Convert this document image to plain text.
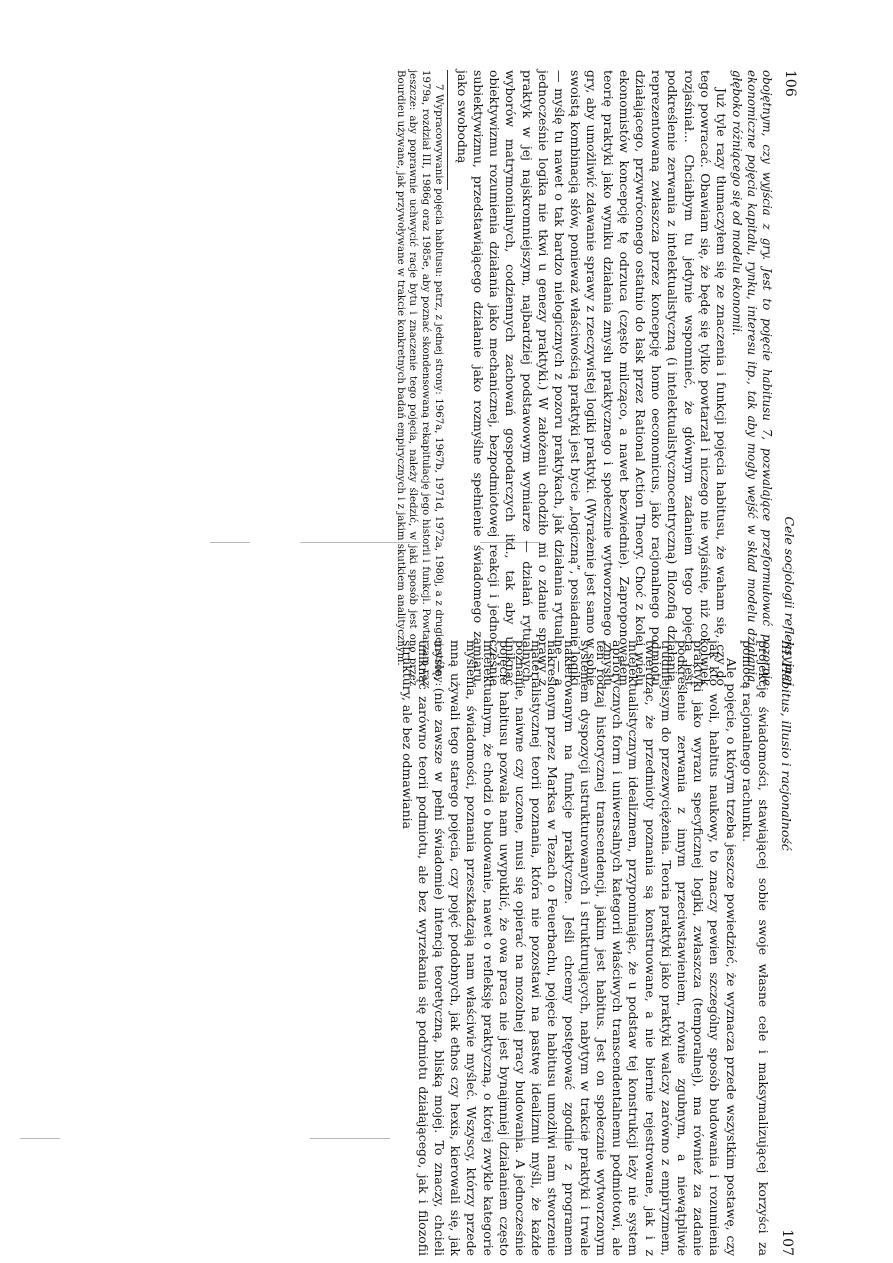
106
Cele socjologii refleksyjnej

obojętnym, czy wyjścia z gry. Jest to pojęcie habitusu 7, pozwalające przeformułować pozornie ekonomiczne pojęcia kapitału, rynku, interesu itp., tak aby mogły wejść w skład modelu działania, głęboko różniącego się od modelu ekonomii.

Już tyle razy tłumaczyłem się ze znaczenia i funkcji pojęcia habitusu, że waham się, czy do tego powracać. Obawiam się, że będę się tylko powtarzał i niczego nie wyjaśnię, niż cokolwiek rozjaśniał... Chciałbym tu jedynie wspomnieć, że głównym zadaniem tego pojęcia jest podkreślenie zerwania z intelektualistyczną (i intelektualistycznocentryczną) filozofią działania, reprezentowaną zwłaszcza przez koncepcję homo oeconomicus, jako racjonalnego podmiotu działającego, przywróconego ostatnio do łask przez Rational Action Theory. Choć z kolei wielu ekonomistów koncepcję tę odrzuca (często milcząco, a nawet bezwiednie). Zaproponowałem teorię praktyki jako wyniku działania zmysłu praktycznego i społecznie wytworzonego zmysłu gry, aby umożliwić zdawanie sprawy z rzeczywistej logiki praktyki. (Wyrażenie jest samo w sobie swoistą kombinacją słów, ponieważ właściwością praktyki jest bycie „logiczną”, posiadanie logiki — myślę tu nawet o tak bardzo nielogicznych z pozoru praktykach, jak działania rytualne — a jednocześnie logika nie tkwi u genezy praktyki.) W założeniu chodziło mi o zdanie sprawy z praktyk w jej najskromniejszym, najbardziej podstawowym wymiarze — działań rytualnych, wyborów matrymonialnych, codziennych zachowań gospodarczych itd., tak aby uniknąć obiektywizmu rozumienia działania jako mechanicznej, bezpodmiotowej reakcji i jednocześnie subiektywizmu, przedstawiającego działanie jako rozmyślne spełnienie świadomego zamiaru, jako swobodną

7 Wypracowywanie pojęcia habitusu: patrz, z jednej strony: 1967a, 1967b, 1971d, 1972a, 1980j, a z drugiej strony: 1979a, rozdział III, 1986g oraz 1985e, aby poznać skondensowaną rekapitulację jego historii i funkcji. Powtarzam raz jeszcze: aby poprawnie uchwycić racje bytu i znaczenie tego pojęcia, należy śledzić, w jaki sposób jest ono przez Bourdieu używane, jak przywoływane w trakcie konkretnych badań empirycznych i z jakim skutkiem analitycznym.

III. Habitus, illusio i racjonalność
107

projekcję świadomości, stawiającej sobie swoje własne cele i maksymalizującej korzyści za pomocą racjonalnego rachunku.

Ale pojęcie, o którym trzeba jeszcze powiedzieć, że wyznacza przede wszystkim postawę, czy jak kto woli, habitus naukowy, to znaczy pewien szczególny sposób budowania i rozumienia praktyki jako wyrazu specyficznej logiki, zwłaszcza (temporalnej), ma również za zadanie podkreślenie zerwania z innym przeciwstawieniem, równie zgubnym, a niewątpliwie trudniejszym do przezwyciężenia. Teoria praktyki jako praktyki walczy zarówno z empiryzmem, twierdząc, że przedmioty poznania są konstruowane, a nie biernie rejestrowane, jak i z intelektualistycznym idealizmem, przypominając, że u podstaw tej konstrukcji leży nie system apriorycznych form i uniwersalnych kategorii właściwych transcendentalnemu podmiotowi, ale ten rodzaj historycznej transcendencji, jakim jest habitus. Jest on społecznie wytworzonym systemem dyspozycji ustrukturowanych i strukturujących, nabytym w trakcie praktyki i trwale nakierowanym na funkcje praktyczne. Jeśli chcemy postępować zgodnie z programem nakreślonym przez Marksa w Tezach o Feuerbachu, pojęcie habitusu umożliwi nam stworzenie materialistycznej teorii poznania, która nie pozostawi na pastwę idealizmu myśli, że każde poznanie, naiwne czy uczone, musi się opierać na mozolnej pracy budowania. A jednocześnie pojęcie habitusu pozwala nam uwypuklić, że owa praca nie jest bynajmniej działaniem często intelektualnym, że chodzi o budowanie, nawet o refleksję praktyczną, o której zwykle kategorie myślenia, świadomości, poznania przeszkadzają nam właściwie myśleć. Wszyscy, którzy przede mną używali tego starego pojęcia, czy pojęć podobnych, jak ethos czy hexis, kierowali się, jak myślę, (nie zawsze w pełni świadomie) intencją teoretyczną, bliską mojej. To znaczy, chcieli uniknąć zarówno teorii podmiotu, ale bez wyrzekania się podmiotu działającego, jak i filozofii struktury, ale bez odmawiania
